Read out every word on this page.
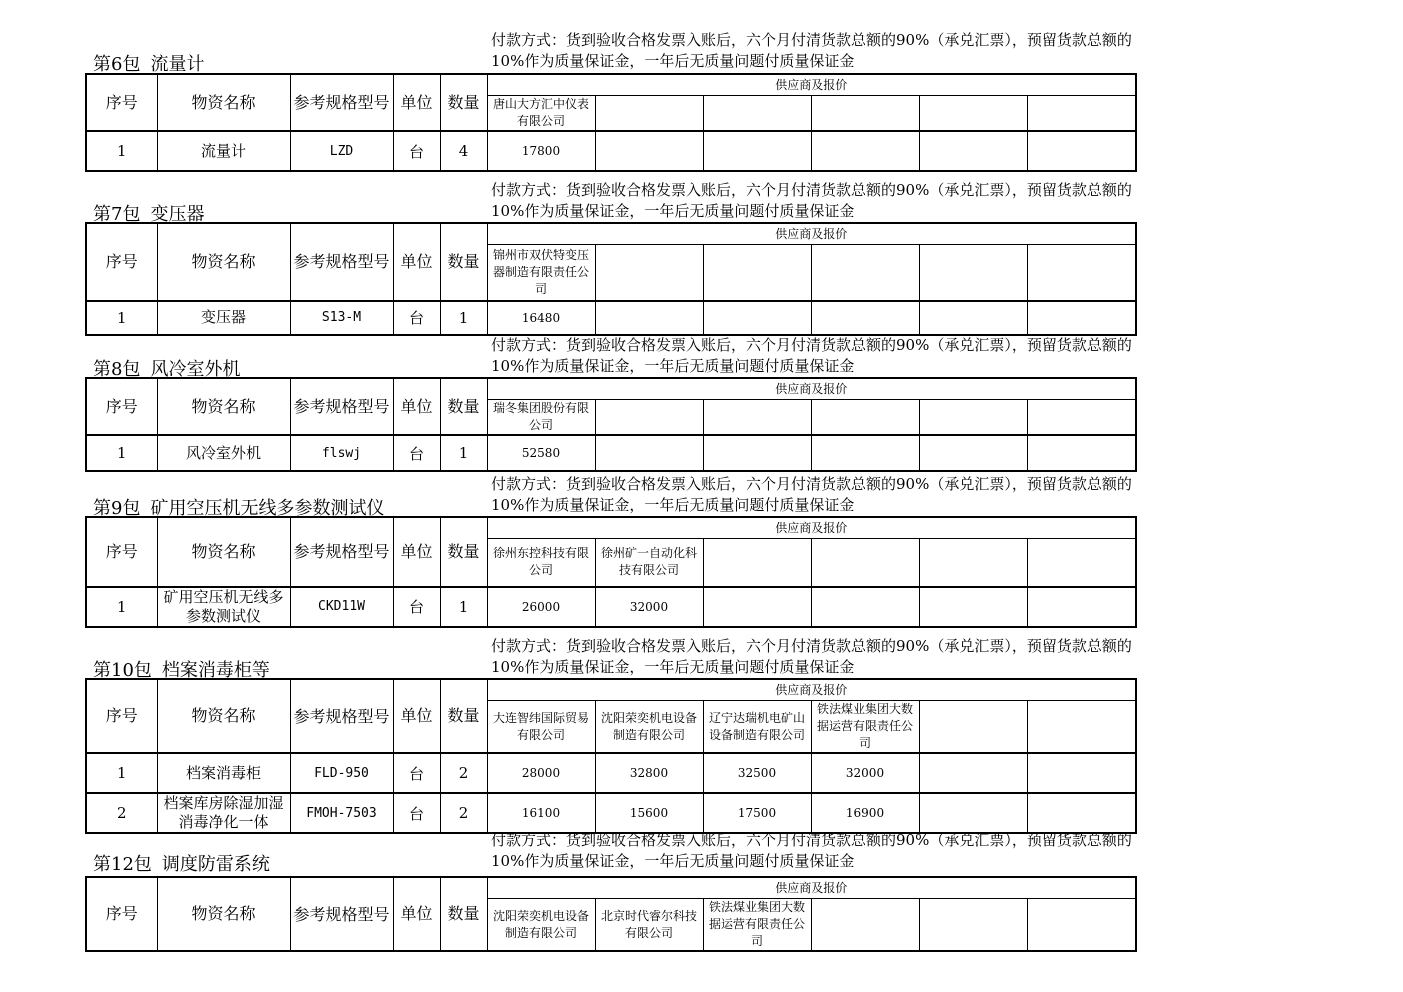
第6包 流量计
付款方式：货到验收合格发票入账后，六个月付清货款总额的90%（承兑汇票），预留货款总额的10%作为质量保证金，一年后无质量问题付质量保证金
序号	物资名称	参考规格型号	单位	数量	供应商及报价					
					唐山大方汇中仪表有限公司					
1	流量计	LZD	台	4	17800					
第7包 变压器
付款方式：货到验收合格发票入账后，六个月付清货款总额的90%（承兑汇票），预留货款总额的10%作为质量保证金，一年后无质量问题付质量保证金
序号	物资名称	参考规格型号	单位	数量	供应商及报价					
					锦州市双伏特变压器制造有限责任公司					
1	变压器	S13-M	台	1	16480					
第8包 风冷室外机
付款方式：货到验收合格发票入账后，六个月付清货款总额的90%（承兑汇票），预留货款总额的10%作为质量保证金，一年后无质量问题付质量保证金
序号	物资名称	参考规格型号	单位	数量	供应商及报价					
					瑞冬集团股份有限公司					
1	风冷室外机	flswj	台	1	52580					
第9包 矿用空压机无线多参数测试仪
付款方式：货到验收合格发票入账后，六个月付清货款总额的90%（承兑汇票），预留货款总额的10%作为质量保证金，一年后无质量问题付质量保证金
序号	物资名称	参考规格型号	单位	数量	供应商及报价					
					徐州东控科技有限公司	徐州矿一自动化科技有限公司				
1	矿用空压机无线多参数测试仪	CKD11W	台	1	26000	32000				
第10包 档案消毒柜等
付款方式：货到验收合格发票入账后，六个月付清货款总额的90%（承兑汇票），预留货款总额的10%作为质量保证金，一年后无质量问题付质量保证金
序号	物资名称	参考规格型号	单位	数量	供应商及报价					
					大连智纬国际贸易有限公司	沈阳荣奕机电设备制造有限公司	辽宁达瑞机电矿山设备制造有限公司	铁法煤业集团大数据运营有限责任公司		
1	档案消毒柜	FLD-950	台	2	28000	32800	32500	32000		
2	档案库房除湿加湿消毒净化一体	FMOH-7503	台	2	16100	15600	17500	16900		
第12包 调度防雷系统
付款方式：货到验收合格发票入账后，六个月付清货款总额的90%（承兑汇票），预留货款总额的10%作为质量保证金，一年后无质量问题付质量保证金
序号	物资名称	参考规格型号	单位	数量	供应商及报价					
					沈阳荣奕机电设备制造有限公司	北京时代睿尔科技有限公司	铁法煤业集团大数据运营有限责任公司			
